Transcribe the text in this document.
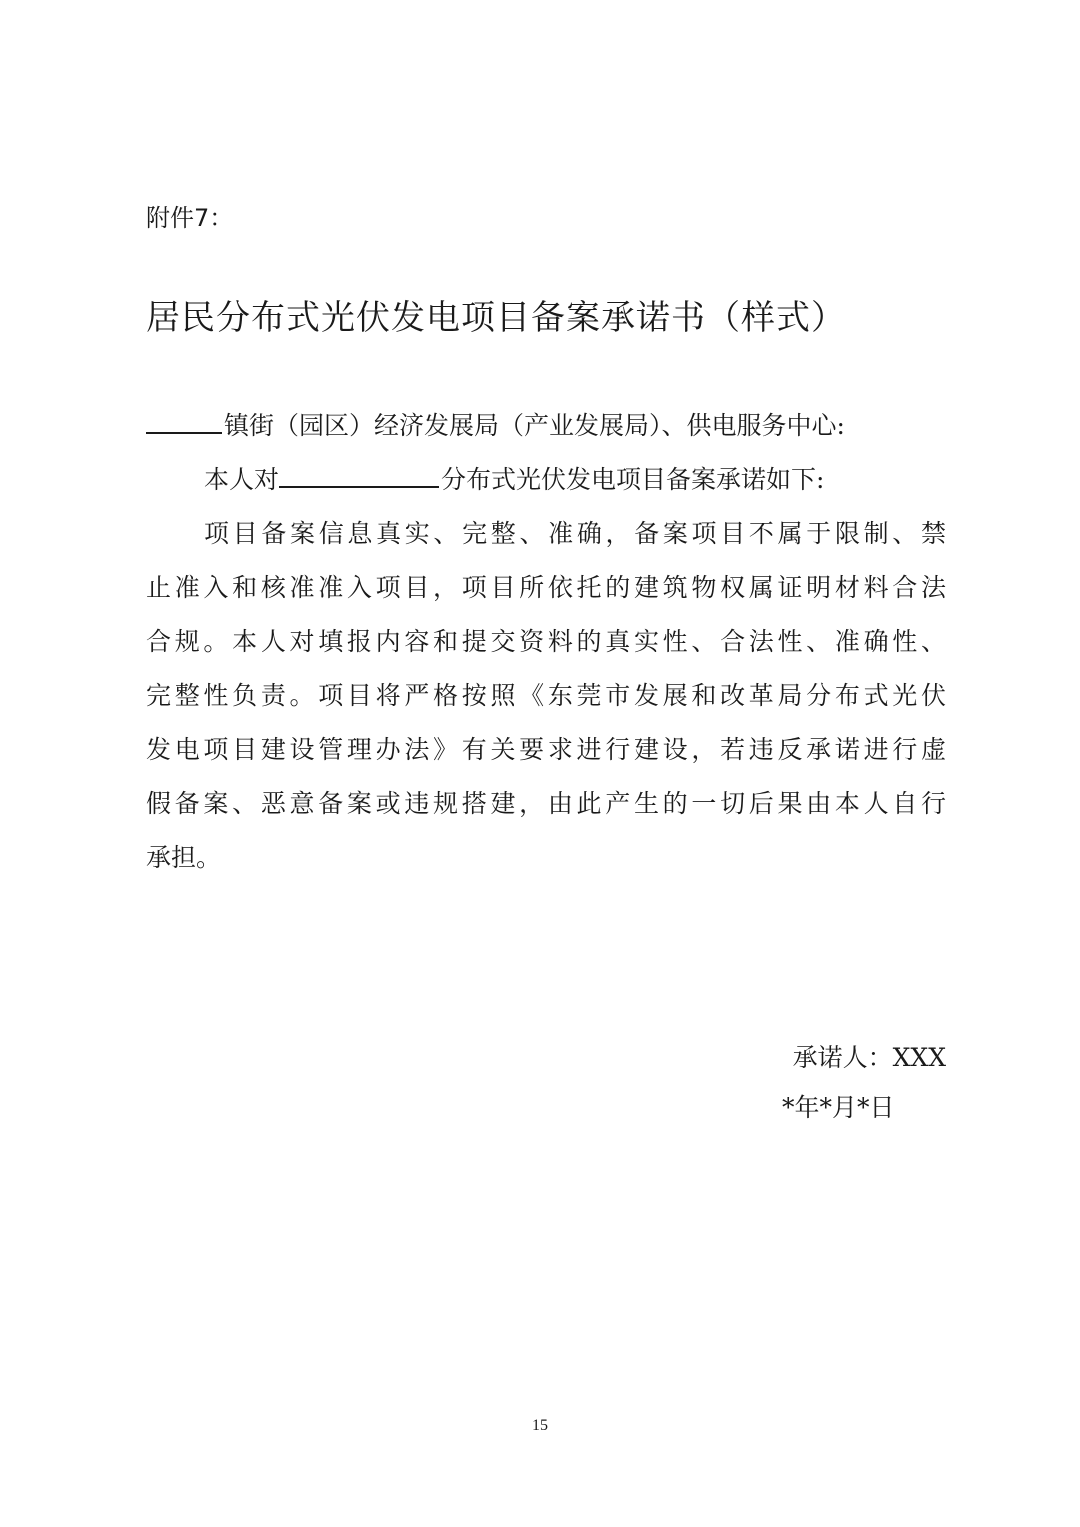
附件7：
居民分布式光伏发电项目备案承诺书（样式）
镇街（园区）经济发展局（产业发展局）、供电服务中心:
本人对	分布式光伏发电项目备案承诺如下:
项目备案信息真实、完整、准确，备案项目不属于限制、禁
止准入和核准准入项目，项目所依托的建筑物权属证明材料合法
合规。本人对填报内容和提交资料的真实性、合法性、准确性、
完整性负责。项目将严格按照《东莞市发展和改革局分布式光伏
发电项目建设管理办法》有关要求进行建设，若违反承诺进行虚
假备案、恶意备案或违规搭建，由此产生的一切后果由本人自行
承担。
承诺人：XXX
*年*月*日
15
